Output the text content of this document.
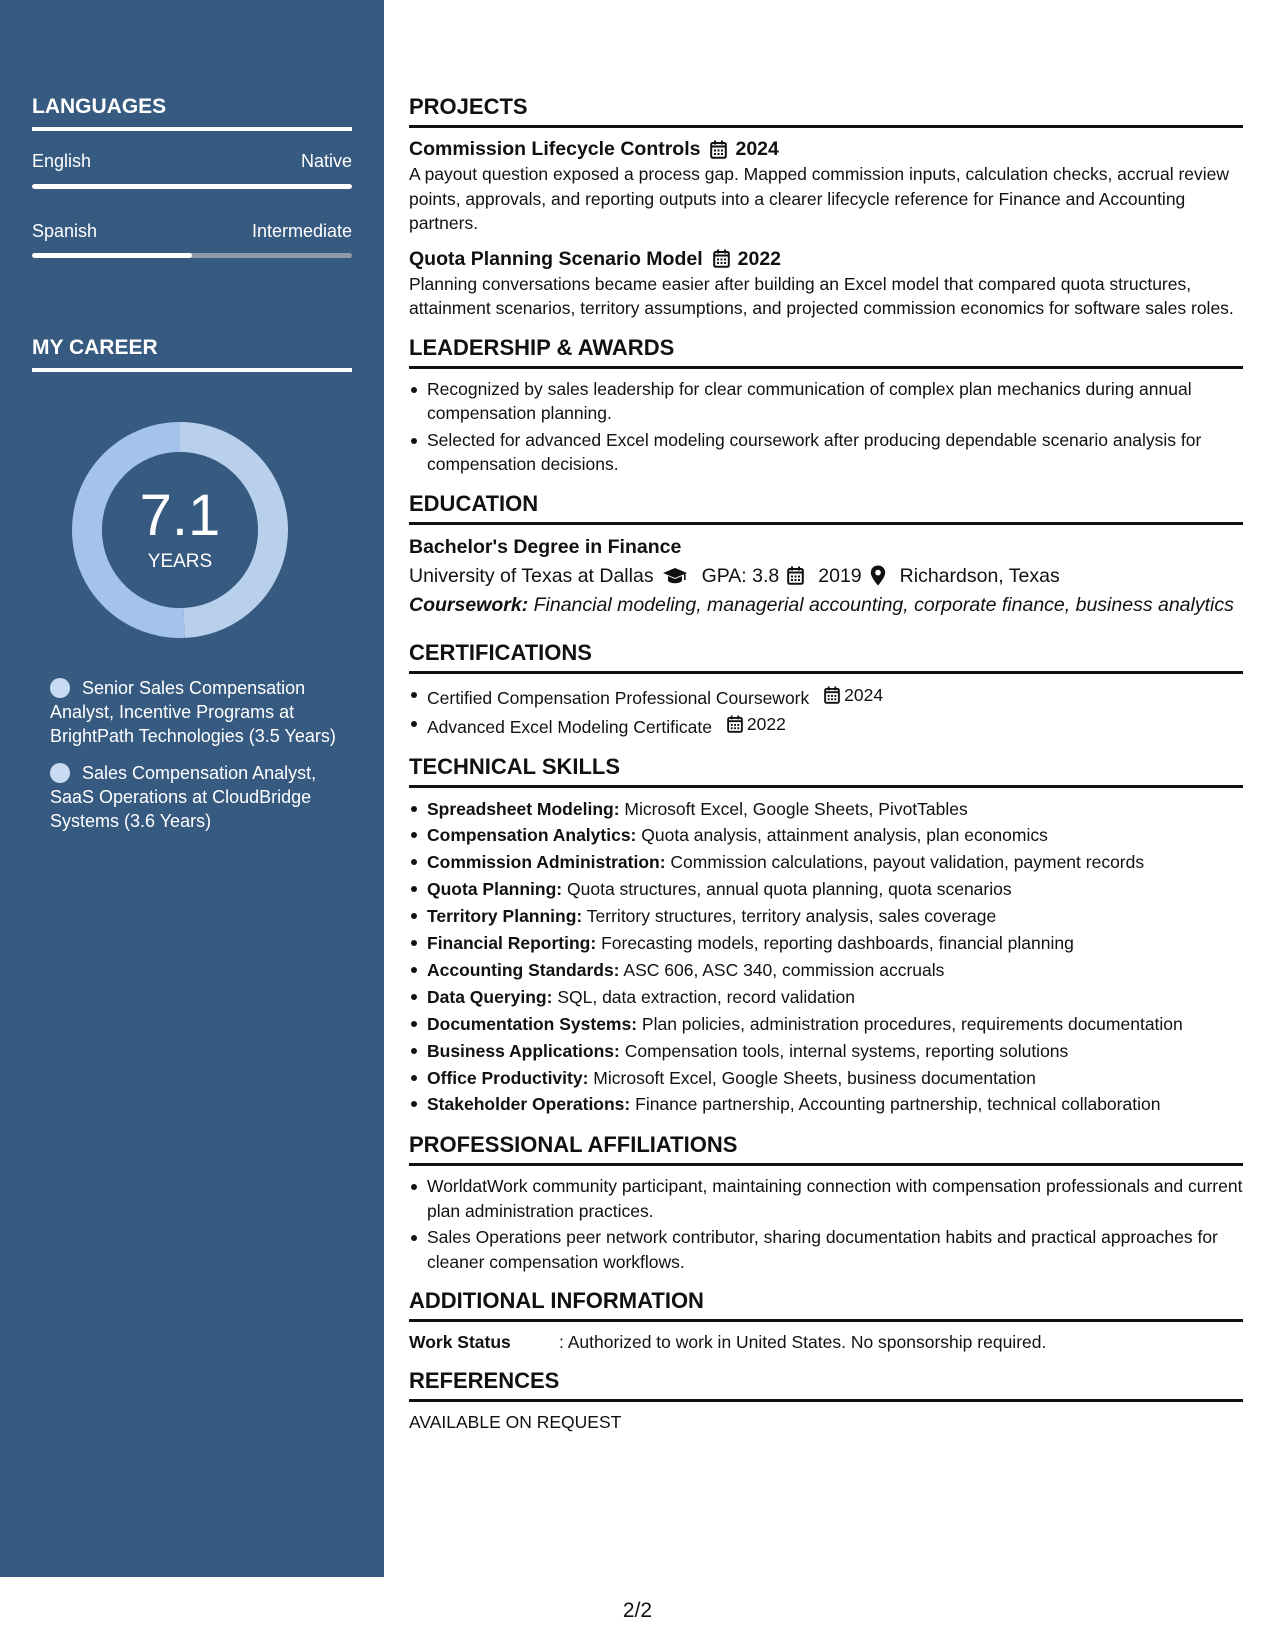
LANGUAGES
English	Native
Spanish	Intermediate
MY CAREER
7.1
YEARS
Senior Sales Compensation Analyst, Incentive Programs at BrightPath Technologies (3.5 Years)
Sales Compensation Analyst, SaaS Operations at CloudBridge Systems (3.6 Years)
PROJECTS
Commission Lifecycle Controls 2024
A payout question exposed a process gap. Mapped commission inputs, calculation checks, accrual review points, approvals, and reporting outputs into a clearer lifecycle reference for Finance and Accounting partners.
Quota Planning Scenario Model 2022
Planning conversations became easier after building an Excel model that compared quota structures, attainment scenarios, territory assumptions, and projected commission economics for software sales roles.
LEADERSHIP & AWARDS
Recognized by sales leadership for clear communication of complex plan mechanics during annual compensation planning.
Selected for advanced Excel modeling coursework after producing dependable scenario analysis for compensation decisions.
EDUCATION
Bachelor's Degree in Finance
University of Texas at Dallas GPA: 3.8 2019 Richardson, Texas
Coursework: Financial modeling, managerial accounting, corporate finance, business analytics
CERTIFICATIONS
Certified Compensation Professional Coursework 2024
Advanced Excel Modeling Certificate 2022
TECHNICAL SKILLS
Spreadsheet Modeling: Microsoft Excel, Google Sheets, PivotTables
Compensation Analytics: Quota analysis, attainment analysis, plan economics
Commission Administration: Commission calculations, payout validation, payment records
Quota Planning: Quota structures, annual quota planning, quota scenarios
Territory Planning: Territory structures, territory analysis, sales coverage
Financial Reporting: Forecasting models, reporting dashboards, financial planning
Accounting Standards: ASC 606, ASC 340, commission accruals
Data Querying: SQL, data extraction, record validation
Documentation Systems: Plan policies, administration procedures, requirements documentation
Business Applications: Compensation tools, internal systems, reporting solutions
Office Productivity: Microsoft Excel, Google Sheets, business documentation
Stakeholder Operations: Finance partnership, Accounting partnership, technical collaboration
PROFESSIONAL AFFILIATIONS
WorldatWork community participant, maintaining connection with compensation professionals and current plan administration practices.
Sales Operations peer network contributor, sharing documentation habits and practical approaches for cleaner compensation workflows.
ADDITIONAL INFORMATION
Work Status	: Authorized to work in United States. No sponsorship required.
REFERENCES
AVAILABLE ON REQUEST
2/2
